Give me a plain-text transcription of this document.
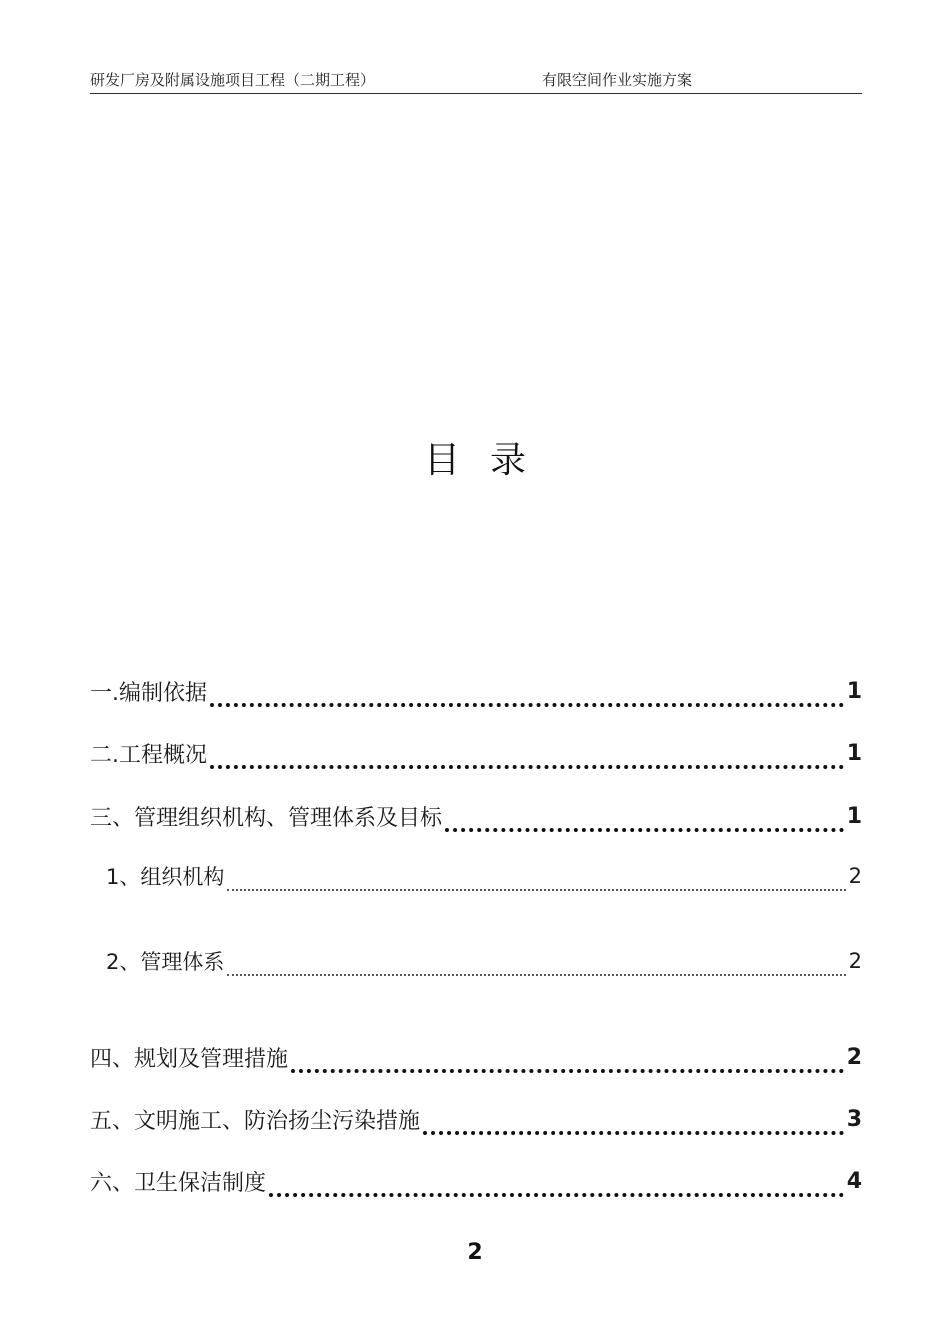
研发厂房及附属设施项目工程（二期工程）	有限空间作业实施方案
目录
一.编制依据	1
二.工程概况	1
三、管理组织机构、管理体系及目标	1
1、组织机构	2
2、管理体系	2
四、规划及管理措施	2
五、文明施工、防治扬尘污染措施	3
六、卫生保洁制度	4
2
